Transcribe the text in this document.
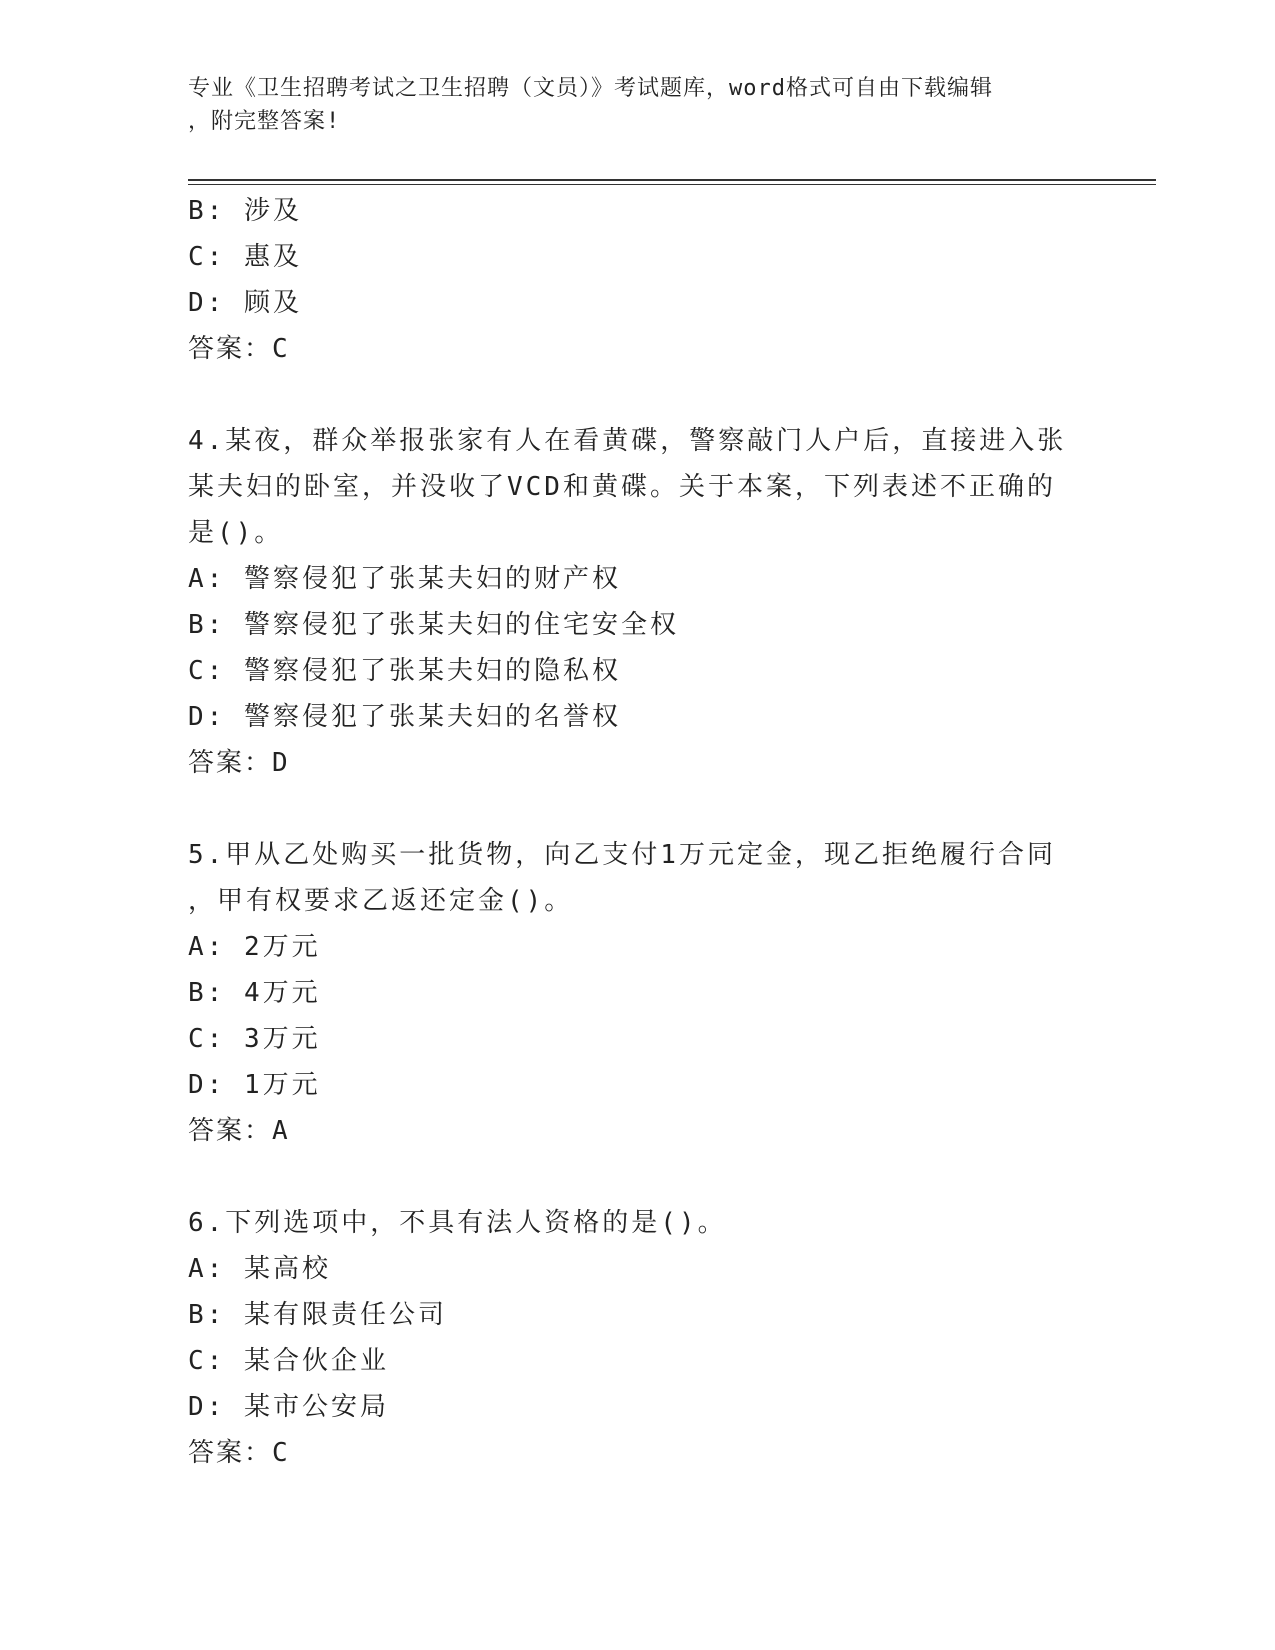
专业《卫生招聘考试之卫生招聘（文员）》考试题库，word格式可自由下载编辑
，附完整答案!
B: 涉及
C: 惠及
D: 顾及
答案：C
4.某夜，群众举报张家有人在看黄碟，警察敲门人户后，直接进入张
某夫妇的卧室，并没收了VCD和黄碟。关于本案，下列表述不正确的
是()。
A: 警察侵犯了张某夫妇的财产权
B: 警察侵犯了张某夫妇的住宅安全权
C: 警察侵犯了张某夫妇的隐私权
D: 警察侵犯了张某夫妇的名誉权
答案：D
5.甲从乙处购买一批货物，向乙支付1万元定金，现乙拒绝履行合同
，甲有权要求乙返还定金()。
A: 2万元
B: 4万元
C: 3万元
D: 1万元
答案：A
6.下列选项中，不具有法人资格的是()。
A: 某高校
B: 某有限责任公司
C: 某合伙企业
D: 某市公安局
答案：C
